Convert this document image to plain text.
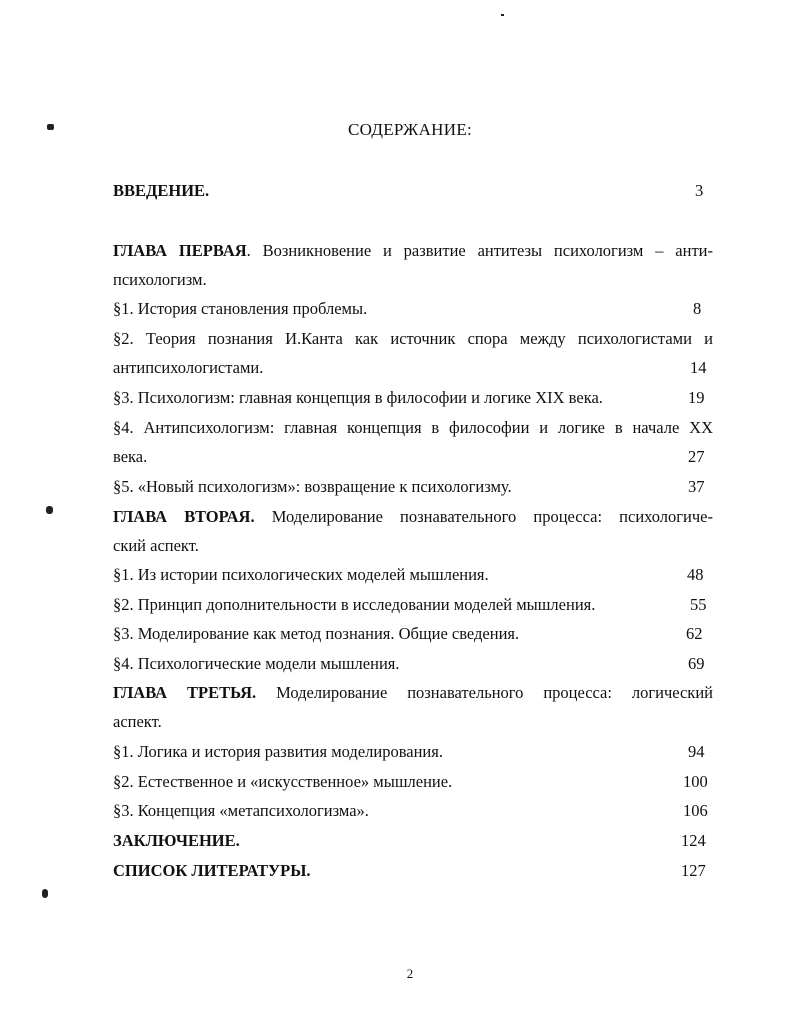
СОДЕРЖАНИЕ:
ВВЕДЕНИЕ.	3
ГЛАВА ПЕРВАЯ. Возникновение и развитие антитезы психологизм – анти-
психологизм.
§1. История становления проблемы.	8
§2. Теория познания И.Канта как источник спора между психологистами и
антипсихологистами.	14
§3. Психологизм: главная концепция в философии и логике XIX века.	19
§4. Антипсихологизм: главная концепция в философии и логике в начале XX
века.	27
§5. «Новый психологизм»: возвращение к психологизму.	37
ГЛАВА ВТОРАЯ. Моделирование познавательного процесса: психологиче-
ский аспект.
§1. Из истории психологических моделей мышления.	48
§2. Принцип дополнительности в исследовании моделей мышления.	55
§3. Моделирование как метод познания. Общие сведения.	62
§4. Психологические модели мышления.	69
ГЛАВА ТРЕТЬЯ. Моделирование познавательного процесса: логический
аспект.
§1. Логика и история развития моделирования.	94
§2. Естественное и «искусственное» мышление.	100
§3. Концепция «метапсихологизма».	106
ЗАКЛЮЧЕНИЕ.	124
СПИСОК ЛИТЕРАТУРЫ.	127
2
